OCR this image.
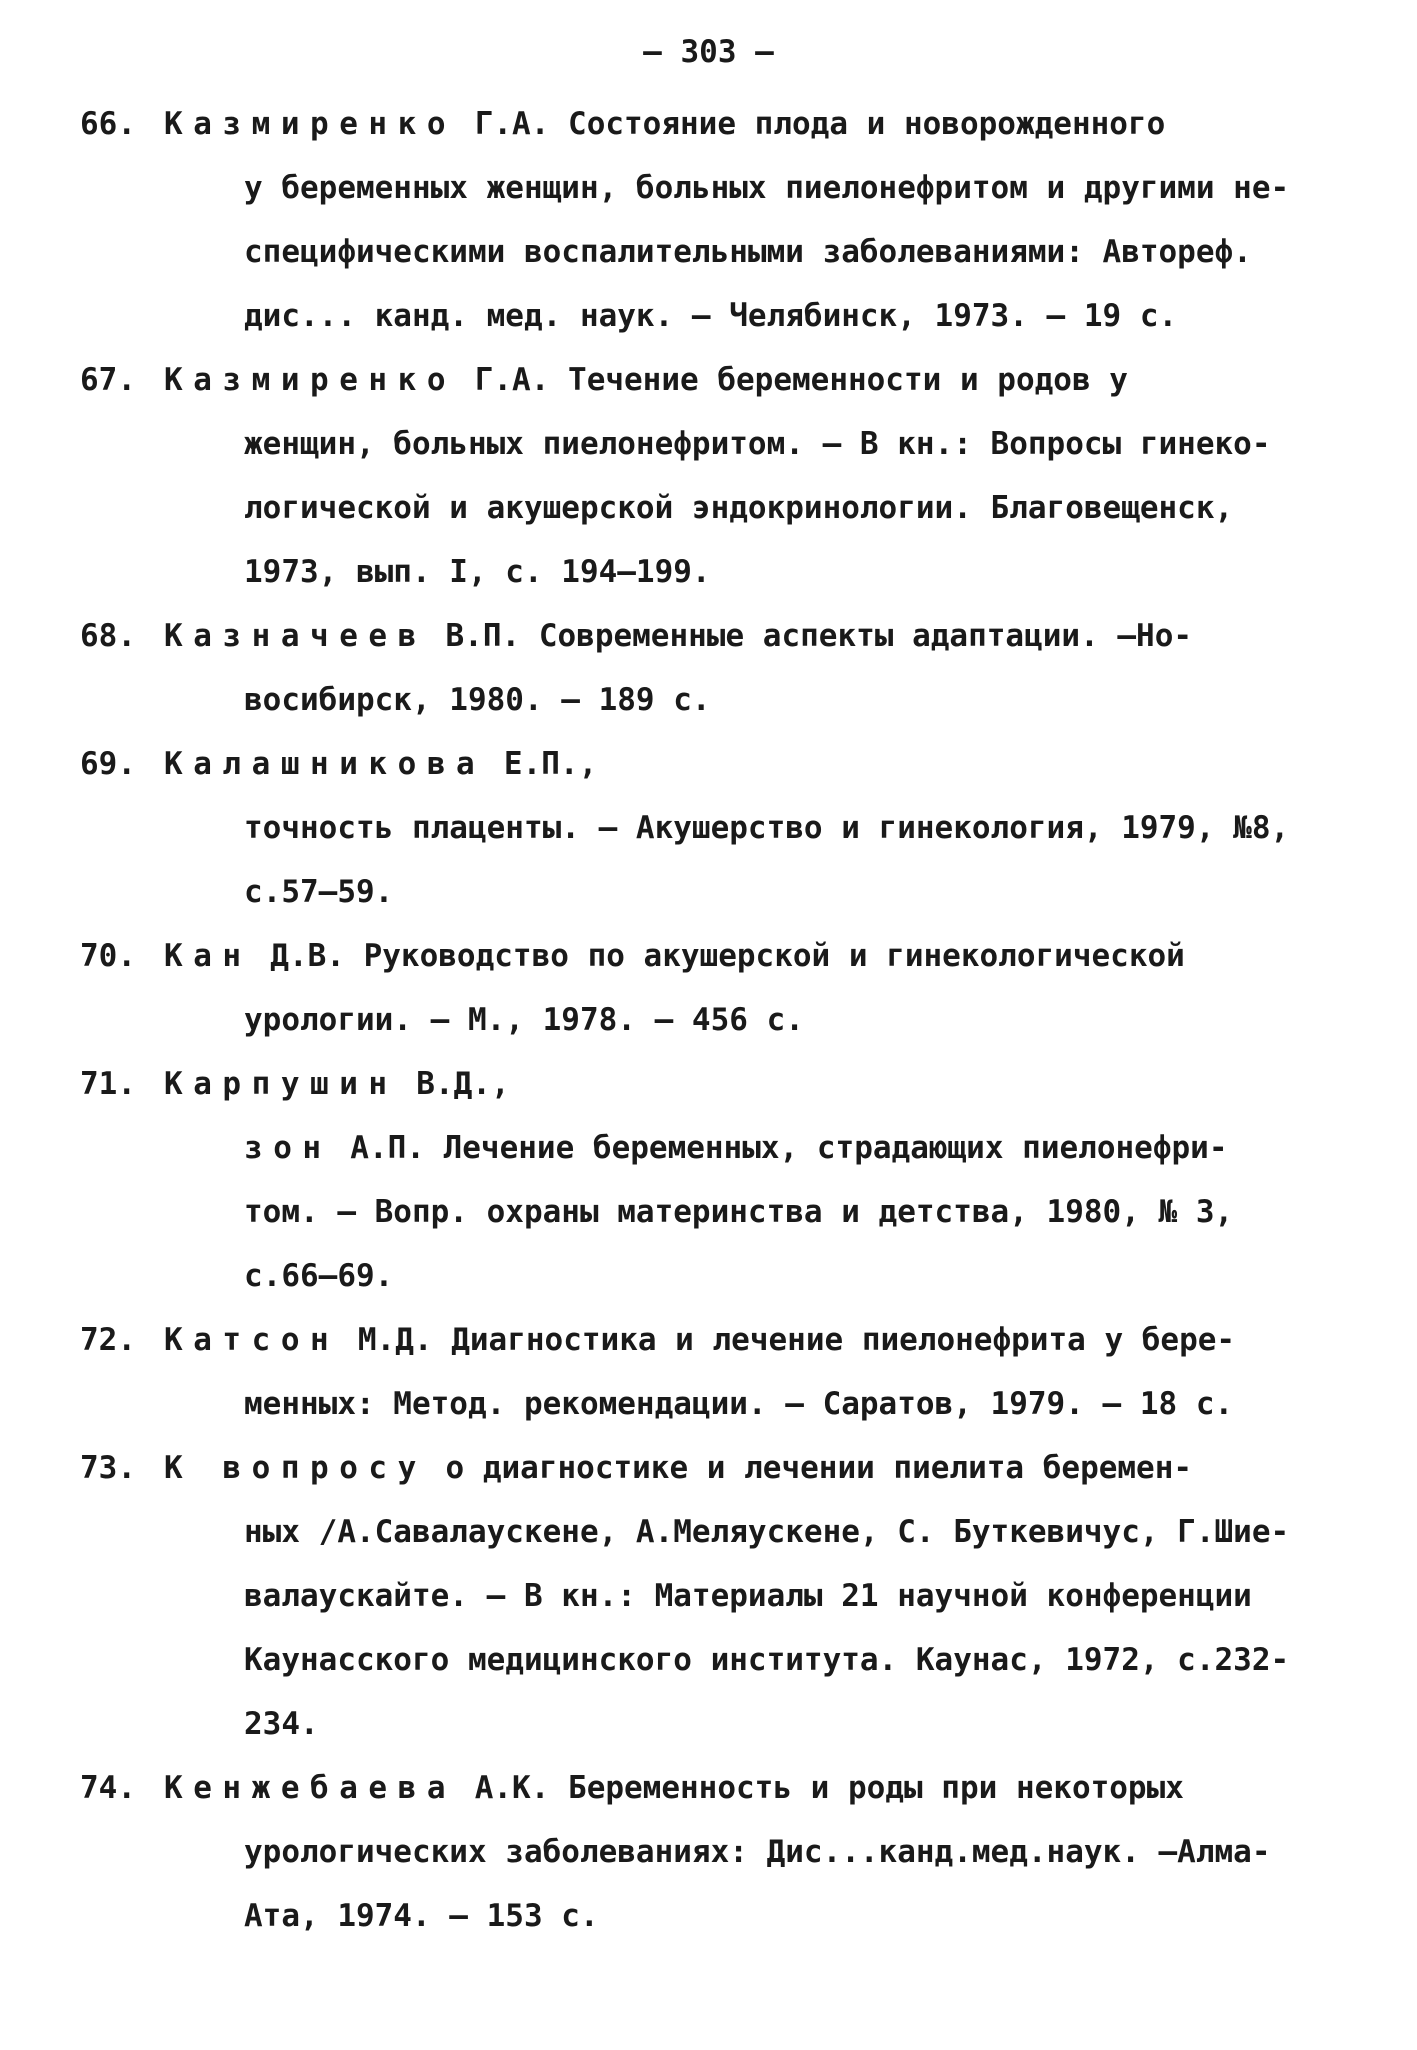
– 303 –
66. Казмиренко Г.А. Состояние плода и новорожденного
у беременных женщин, больных пиелонефритом и другими не-
специфическими воспалительными заболеваниями: Автореф.
дис... канд. мед. наук. – Челябинск, 1973. – 19 с.
67. Казмиренко Г.А. Течение беременности и родов у
женщин, больных пиелонефритом. – В кн.: Вопросы гинеко-
логической и акушерской эндокринологии. Благовещенск,
1973, вып. I, с. 194–199.
68. Казначеев В.П. Современные аспекты адаптации. –Но-
восибирск, 1980. – 189 с.
69. Калашникова Е.П.,
точность плаценты. – Акушерство и гинекология, 1979, №8,
с.57–59.
70. Кан Д.В. Руководство по акушерской и гинекологической
урологии. – М., 1978. – 456 с.
71. Карпушин В.Д.,
зон А.П. Лечение беременных, страдающих пиелонефри-
том. – Вопр. охраны материнства и детства, 1980, № 3,
с.66–69.
72. Катсон М.Д. Диагностика и лечение пиелонефрита у бере-
менных: Метод. рекомендации. – Саратов, 1979. – 18 с.
73. К вопросу о диагностике и лечении пиелита беремен-
ных /А.Савалаускене, А.Меляускене, С. Буткевичус, Г.Шие-
валаускайте. – В кн.: Материалы 21 научной конференции
Каунасского медицинского института. Каунас, 1972, с.232-
234.
74. Кенжебаева А.К. Беременность и роды при некоторых
урологических заболеваниях: Дис...канд.мед.наук. –Алма-
Ата, 1974. – 153 с.
